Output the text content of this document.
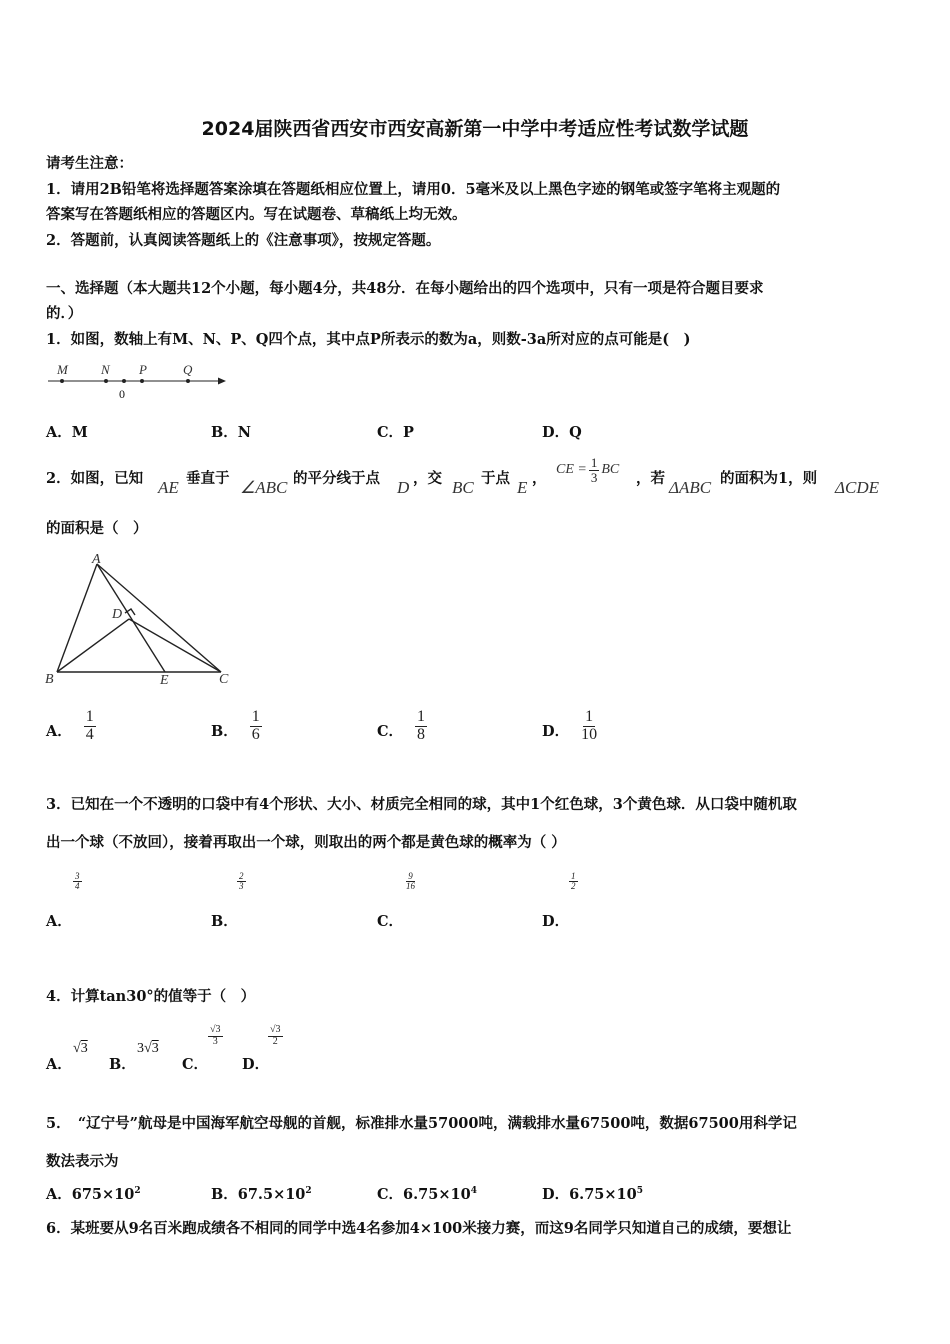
2024届陕西省西安市西安高新第一中学中考适应性考试数学试题
请考生注意：
1．请用2B铅笔将选择题答案涂填在答题纸相应位置上，请用0．5毫米及以上黑色字迹的钢笔或签字笔将主观题的
答案写在答题纸相应的答题区内。写在试题卷、草稿纸上均无效。
2．答题前，认真阅读答题纸上的《注意事项》，按规定答题。
一、选择题（本大题共12个小题，每小题4分，共48分．在每小题给出的四个选项中，只有一项是符合题目要求
的．）
1．如图，数轴上有M、N、P、Q四个点，其中点P所表示的数为a，则数-3a所对应的点可能是(　)
M	N P	Q
0
A．M	B．N	C．P	D．Q
2．如图，已知 AE 垂直于 ∠ABC 的平分线于点 D ，交 BC 于点 E ，
CE = $\frac{1}{3}$ BC
，若 ΔABC 的面积为1，则 ΔCDE
的面积是（　）
A
D
B	E	C
A． $\frac{1}{4}$	B． $\frac{1}{6}$	C． $\frac{1}{8}$	D． $\frac{1}{10}$
3．已知在一个不透明的口袋中有4个形状、大小、材质完全相同的球，其中1个红色球，3个黄色球．从口袋中随机取
出一个球（不放回），接着再取出一个球，则取出的两个都是黄色球的概率为（ ）
$\frac{3}{4}$	$\frac{2}{3}$	$\frac{9}{16}$	$\frac{1}{2}$
A．	B．	C．	D．
4．计算tan30°的值等于（　）
A．
√3
B．
3√3
C．
$\frac{√3}{3}$
D．
$\frac{√3}{2}$
5．　“辽宁号”航母是中国海军航空母舰的首舰，标准排水量57000吨，满载排水量67500吨，数据67500用科学记
数法表示为
A．$675\times 10^2$	B．$67.5\times 10^2$	C．$6.75\times 10^4$	D．$6.75\times 10^5$
6．某班要从9名百米跑成绩各不相同的同学中选4名参加4×100米接力赛，而这9名同学只知道自己的成绩，要想让
